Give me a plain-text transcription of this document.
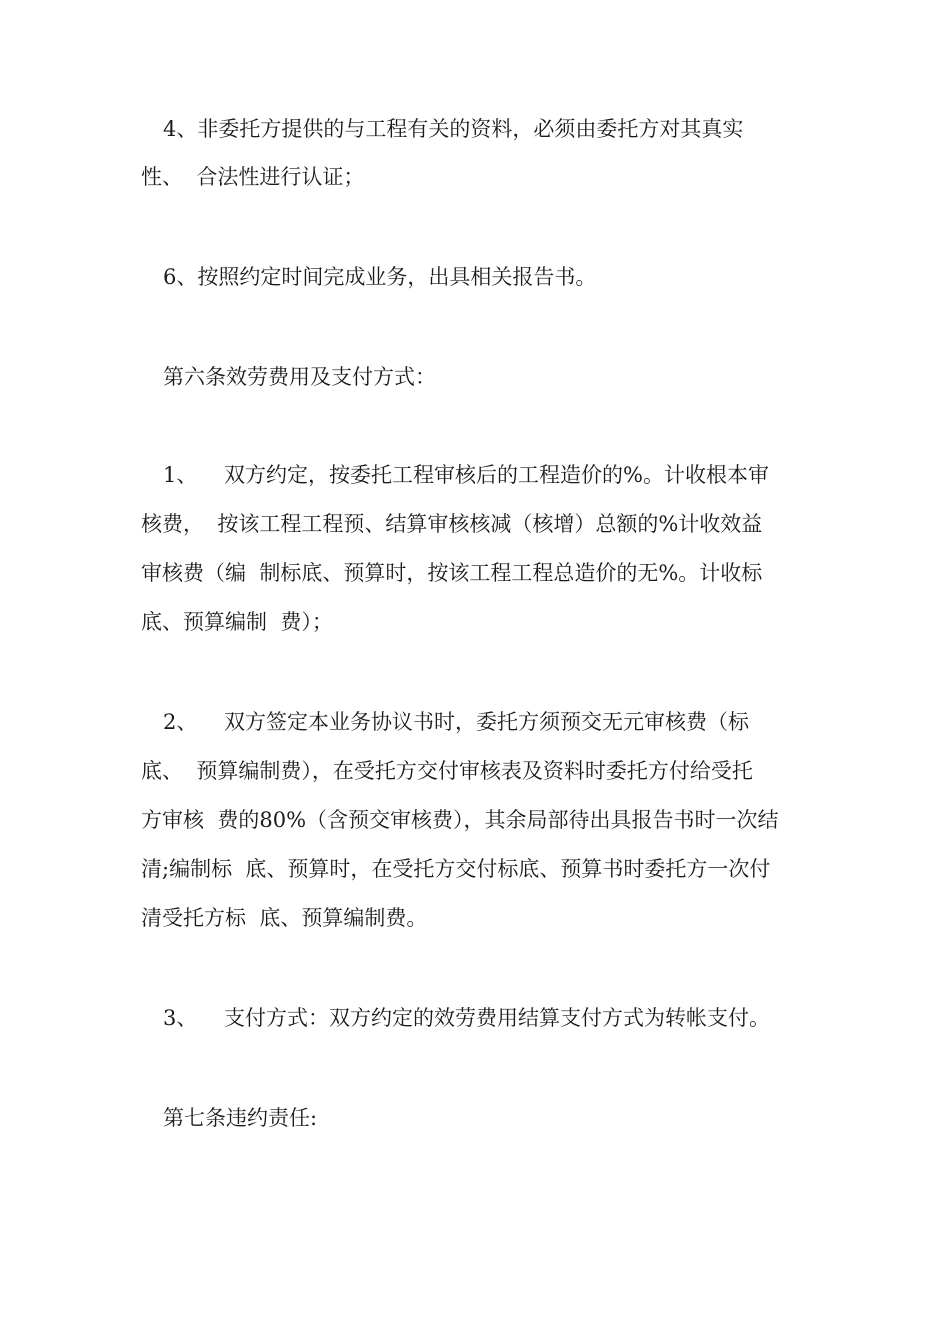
4、非委托方提供的与工程有关的资料，必须由委托方对其真实
性、  合法性进行认证；
6、按照约定时间完成业务，出具相关报告书。
第六条效劳费用及支付方式：
1、    双方约定，按委托工程审核后的工程造价的%。计收根本审
核费，  按该工程工程预、结算审核核减（核增）总额的%计收效益
审核费（编  制标底、预算时，按该工程工程总造价的无%。计收标
底、预算编制  费）；
2、    双方签定本业务协议书时，委托方须预交无元审核费（标
底、  预算编制费），在受托方交付审核表及资料时委托方付给受托
方审核  费的80%（含预交审核费），其余局部待出具报告书时一次结
清;编制标  底、预算时，在受托方交付标底、预算书时委托方一次付
清受托方标  底、预算编制费。
3、    支付方式：双方约定的效劳费用结算支付方式为转帐支付。
第七条违约责任:
